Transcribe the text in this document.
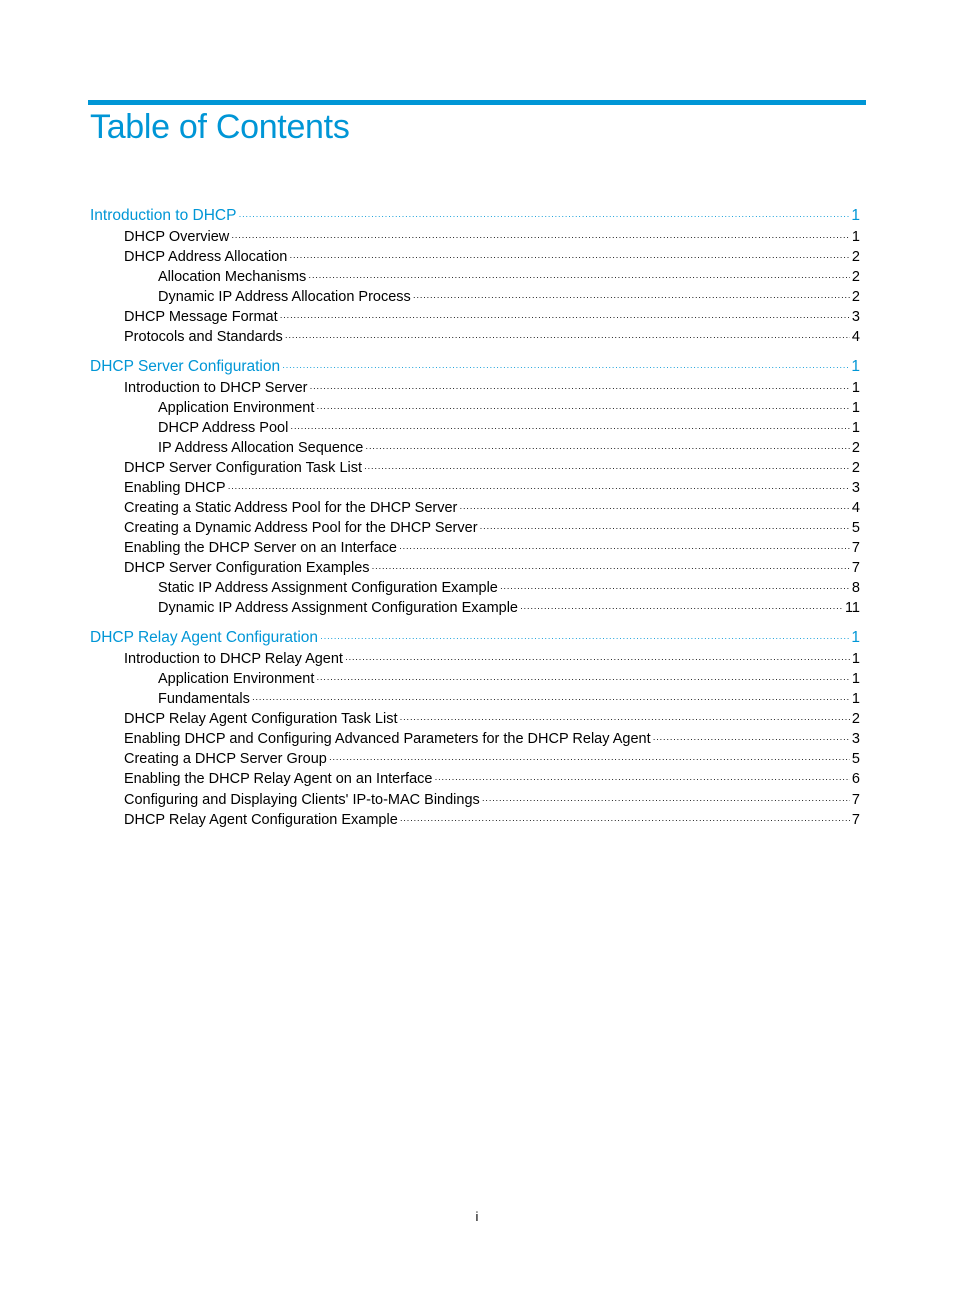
Table of Contents
Introduction to DHCP ·····	1
DHCP Overview ·····	1
DHCP Address Allocation ·····	2
Allocation Mechanisms ·····	2
Dynamic IP Address Allocation Process ·····	2
DHCP Message Format ·····	3
Protocols and Standards ·····	4
DHCP Server Configuration ·····	1
Introduction to DHCP Server ·····	1
Application Environment ·····	1
DHCP Address Pool ·····	1
IP Address Allocation Sequence ·····	2
DHCP Server Configuration Task List ·····	2
Enabling DHCP ·····	3
Creating a Static Address Pool for the DHCP Server ·····	4
Creating a Dynamic Address Pool for the DHCP Server ·····	5
Enabling the DHCP Server on an Interface ·····	7
DHCP Server Configuration Examples ·····	7
Static IP Address Assignment Configuration Example ·····	8
Dynamic IP Address Assignment Configuration Example ·····	11
DHCP Relay Agent Configuration ·····	1
Introduction to DHCP Relay Agent ·····	1
Application Environment ·····	1
Fundamentals ·····	1
DHCP Relay Agent Configuration Task List ·····	2
Enabling DHCP and Configuring Advanced Parameters for the DHCP Relay Agent ·····	3
Creating a DHCP Server Group ·····	5
Enabling the DHCP Relay Agent on an Interface ·····	6
Configuring and Displaying Clients' IP-to-MAC Bindings ·····	7
DHCP Relay Agent Configuration Example ·····	7
i
